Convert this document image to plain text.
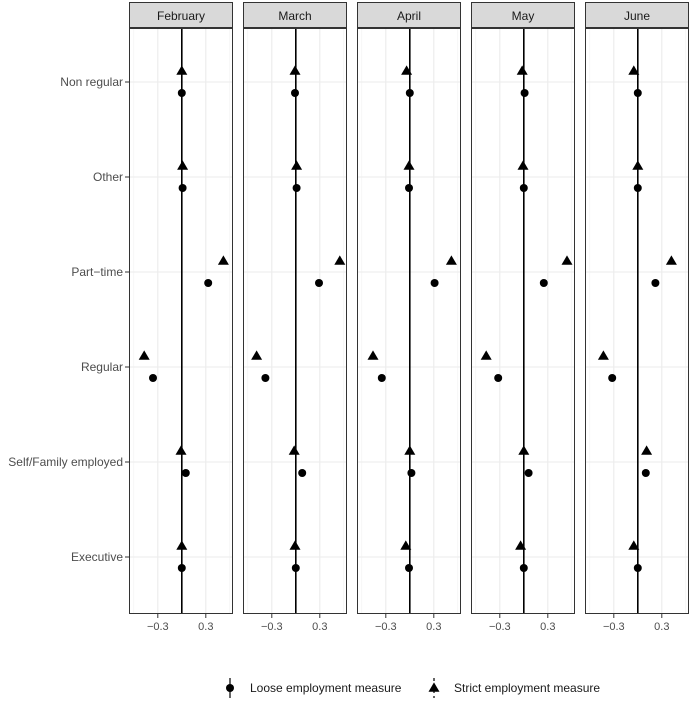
Non regular
Other
Part−time
Regular
Self/Family employed
Executive
February
−0.3	0.3
March
−0.3	0.3
April
−0.3	0.3
May
−0.3	0.3
June
−0.3	0.3
Loose employment measure	Strict employment measure
